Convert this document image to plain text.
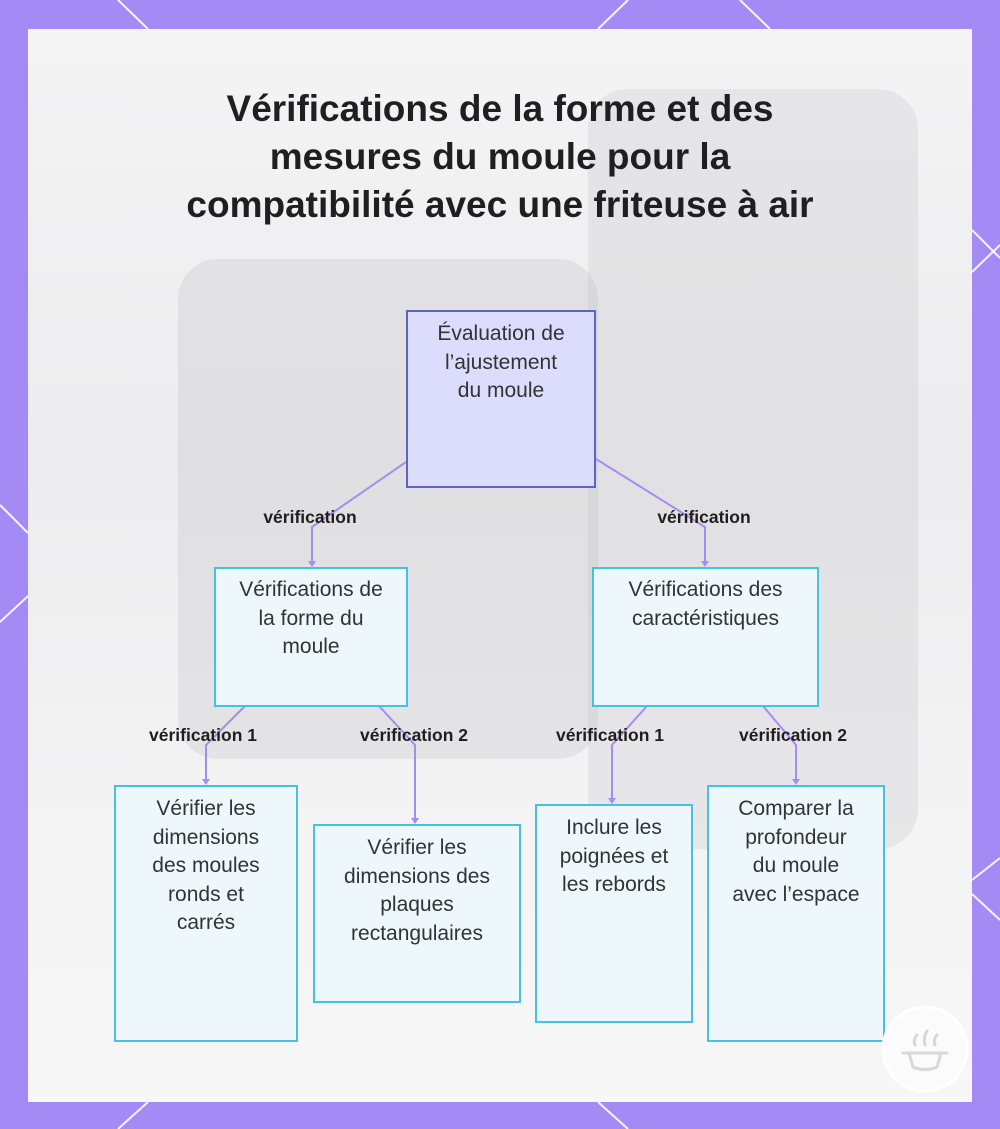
Vérifications de la forme et des mesures du moule pour la compatibilité avec une friteuse à air
Évaluation de l’ajustement du moule
Vérifications de la forme du moule
Vérifications des caractéristiques
Vérifier les dimensions des moules ronds et carrés
Vérifier les dimensions des plaques rectangulaires
Inclure les poignées et les rebords
Comparer la profondeur du moule avec l’espace
vérification	vérification
vérification 1	vérification 2	vérification 1	vérification 2
